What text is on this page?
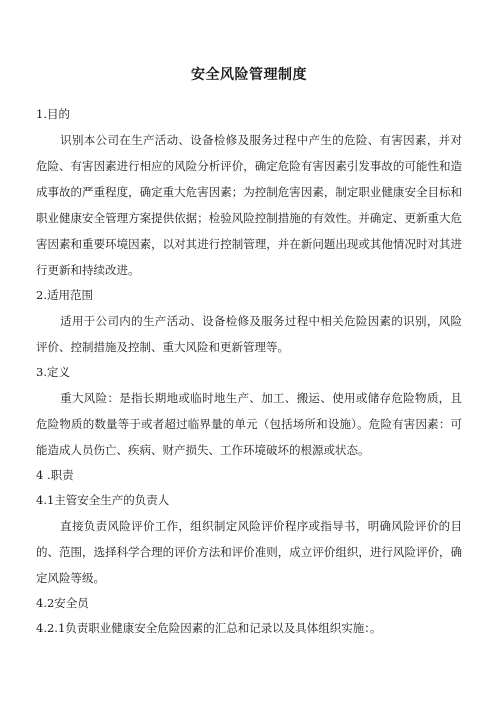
安全风险管理制度

1.目的

识别本公司在生产活动、设备检修及服务过程中产生的危险、有害因素，并对危险、有害因素进行相应的风险分析评价，确定危险有害因素引发事故的可能性和造成事故的严重程度，确定重大危害因素；为控制危害因素，制定职业健康安全目标和职业健康安全管理方案提供依据；检验风险控制措施的有效性。并确定、更新重大危害因素和重要环境因素，以对其进行控制管理，并在新问题出现或其他情况时对其进行更新和持续改进。

2.适用范围

适用于公司内的生产活动、设备检修及服务过程中相关危险因素的识别，风险评价、控制措施及控制、重大风险和更新管理等。

3.定义

重大风险：是指长期地或临时地生产、加工、搬运、使用或储存危险物质，且危险物质的数量等于或者超过临界量的单元（包括场所和设施）。危险有害因素：可能造成人员伤亡、疾病、财产损失、工作环境破坏的根源或状态。

4 .职责

4.1主管安全生产的负责人

直接负责风险评价工作，组织制定风险评价程序或指导书，明确风险评价的目的、范围，选择科学合理的评价方法和评价准则，成立评价组织，进行风险评价，确定风险等级。

4.2安全员

4.2.1负责职业健康安全危险因素的汇总和记录以及具体组织实施：。
